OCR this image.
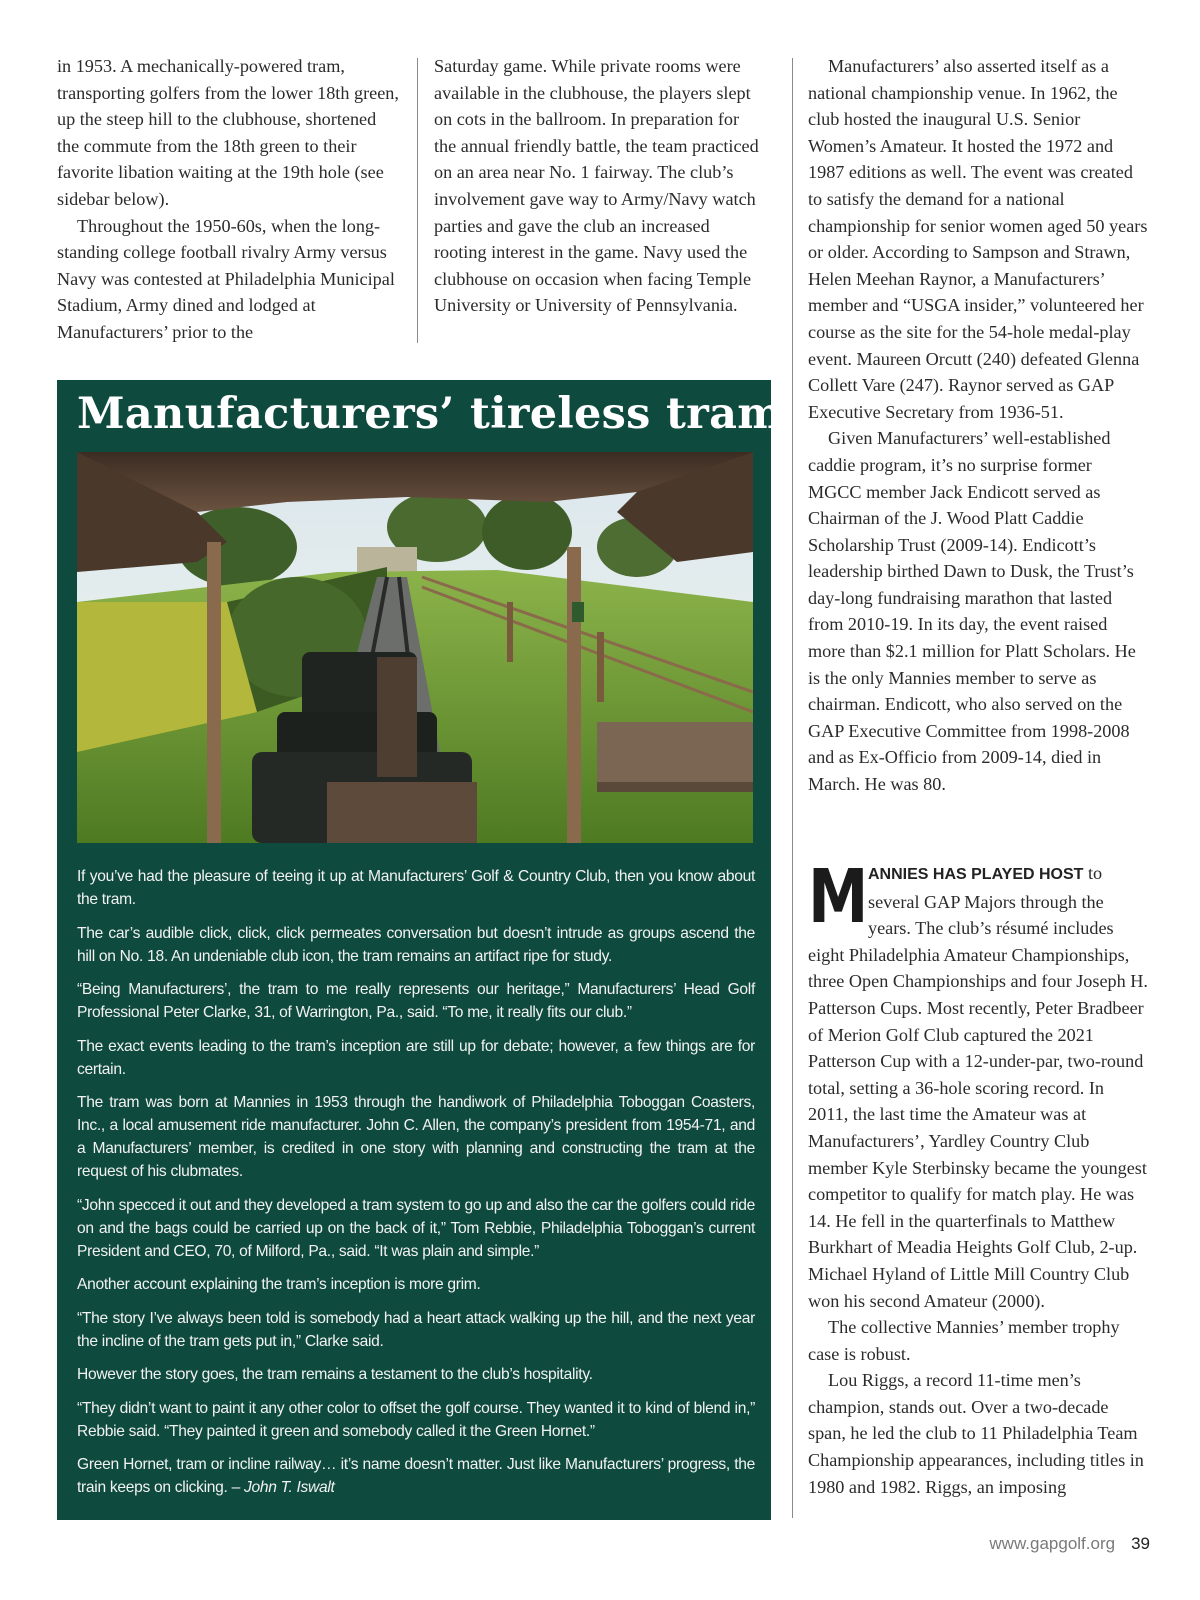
in 1953. A mechanically-powered tram, transporting golfers from the lower 18th green, up the steep hill to the clubhouse, shortened the commute from the 18th green to their favorite libation waiting at the 19th hole (see sidebar below).

Throughout the 1950-60s, when the long-standing college football rivalry Army versus Navy was contested at Philadelphia Municipal Stadium, Army dined and lodged at Manufacturers’ prior to the

Saturday game. While private rooms were available in the clubhouse, the players slept on cots in the ballroom. In preparation for the annual friendly battle, the team practiced on an area near No. 1 fairway. The club’s involvement gave way to Army/Navy watch parties and gave the club an increased rooting interest in the game. Navy used the clubhouse on occasion when facing Temple University or University of Pennsylvania.

Manufacturers’ also asserted itself as a national championship venue. In 1962, the club hosted the inaugural U.S. Senior Women’s Amateur. It hosted the 1972 and 1987 editions as well. The event was created to satisfy the demand for a national championship for senior women aged 50 years or older. According to Sampson and Strawn, Helen Meehan Raynor, a Manufacturers’ member and “USGA insider,” volunteered her course as the site for the 54-hole medal-play event. Maureen Orcutt (240) defeated Glenna Collett Vare (247). Raynor served as GAP Executive Secretary from 1936-51.

Given Manufacturers’ well-established caddie program, it’s no surprise former MGCC member Jack Endicott served as Chairman of the J. Wood Platt Caddie Scholarship Trust (2009-14). Endicott’s leadership birthed Dawn to Dusk, the Trust’s day-long fundraising marathon that lasted from 2010-19. In its day, the event raised more than $2.1 million for Platt Scholars. He is the only Mannies member to serve as chairman. Endicott, who also served on the GAP Executive Committee from 1998-2008 and as Ex-Officio from 2009-14, died in March. He was 80.

MANNIES HAS PLAYED HOST to several GAP Majors through the years. The club’s résumé includes eight Philadelphia Amateur Championships, three Open Championships and four Joseph H. Patterson Cups. Most recently, Peter Bradbeer of Merion Golf Club captured the 2021 Patterson Cup with a 12-under-par, two-round total, setting a 36-hole scoring record. In 2011, the last time the Amateur was at Manufacturers’, Yardley Country Club member Kyle Sterbinsky became the youngest competitor to qualify for match play. He was 14. He fell in the quarterfinals to Matthew Burkhart of Meadia Heights Golf Club, 2-up. Michael Hyland of Little Mill Country Club won his second Amateur (2000).

The collective Mannies’ member trophy case is robust.

Lou Riggs, a record 11-time men’s champion, stands out. Over a two-decade span, he led the club to 11 Philadelphia Team Championship appearances, including titles in 1980 and 1982. Riggs, an imposing

Manufacturers’ tireless tram

If you’ve had the pleasure of teeing it up at Manufacturers’ Golf & Country Club, then you know about the tram.

The car’s audible click, click, click permeates conversation but doesn’t intrude as groups ascend the hill on No. 18. An undeniable club icon, the tram remains an artifact ripe for study.

“Being Manufacturers’, the tram to me really represents our heritage,” Manufacturers’ Head Golf Professional Peter Clarke, 31, of Warrington, Pa., said. “To me, it really fits our club.”

The exact events leading to the tram’s inception are still up for debate; however, a few things are for certain.

The tram was born at Mannies in 1953 through the handiwork of Philadelphia Toboggan Coasters, Inc., a local amusement ride manufacturer. John C. Allen, the company’s president from 1954-71, and a Manufacturers’ member, is credited in one story with planning and constructing the tram at the request of his clubmates.

“John specced it out and they developed a tram system to go up and also the car the golfers could ride on and the bags could be carried up on the back of it,” Tom Rebbie, Philadelphia Toboggan’s current President and CEO, 70, of Milford, Pa., said. “It was plain and simple.”

Another account explaining the tram’s inception is more grim.

“The story I’ve always been told is somebody had a heart attack walking up the hill, and the next year the incline of the tram gets put in,” Clarke said.

However the story goes, the tram remains a testament to the club’s hospitality.

“They didn’t want to paint it any other color to offset the golf course. They wanted it to kind of blend in,” Rebbie said. “They painted it green and somebody called it the Green Hornet.”

Green Hornet, tram or incline railway… it’s name doesn’t matter. Just like Manufacturers’ progress, the train keeps on clicking. – John T. Iswalt

www.gapgolf.org 39
